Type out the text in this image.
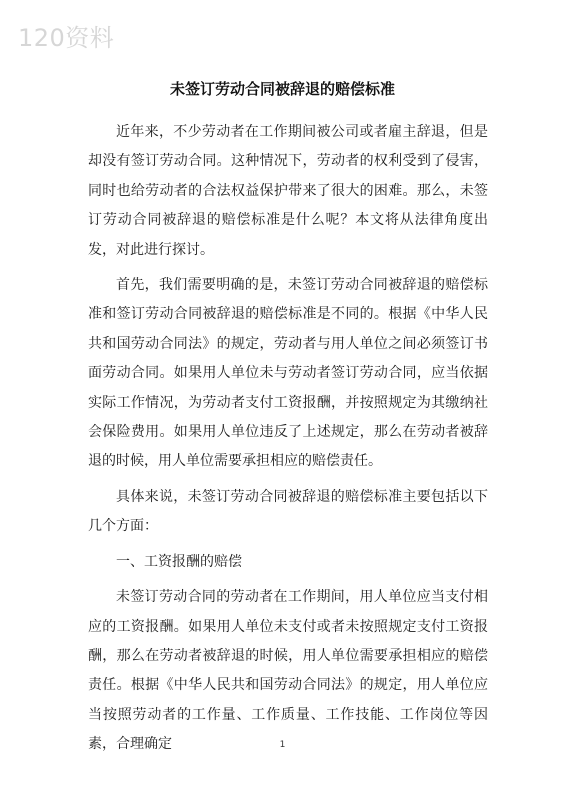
120资料
未签订劳动合同被辞退的赔偿标准

近年来，不少劳动者在工作期间被公司或者雇主辞退，但是却没有签订劳动合同。这种情况下，劳动者的权利受到了侵害，同时也给劳动者的合法权益保护带来了很大的困难。那么，未签订劳动合同被辞退的赔偿标准是什么呢？本文将从法律角度出发，对此进行探讨。

首先，我们需要明确的是，未签订劳动合同被辞退的赔偿标准和签订劳动合同被辞退的赔偿标准是不同的。根据《中华人民共和国劳动合同法》的规定，劳动者与用人单位之间必须签订书面劳动合同。如果用人单位未与劳动者签订劳动合同，应当依据实际工作情况，为劳动者支付工资报酬，并按照规定为其缴纳社会保险费用。如果用人单位违反了上述规定，那么在劳动者被辞退的时候，用人单位需要承担相应的赔偿责任。

具体来说，未签订劳动合同被辞退的赔偿标准主要包括以下几个方面：

一、工资报酬的赔偿

未签订劳动合同的劳动者在工作期间，用人单位应当支付相应的工资报酬。如果用人单位未支付或者未按照规定支付工资报酬，那么在劳动者被辞退的时候，用人单位需要承担相应的赔偿责任。根据《中华人民共和国劳动合同法》的规定，用人单位应当按照劳动者的工作量、工作质量、工作技能、工作岗位等因素，合理确定	1
